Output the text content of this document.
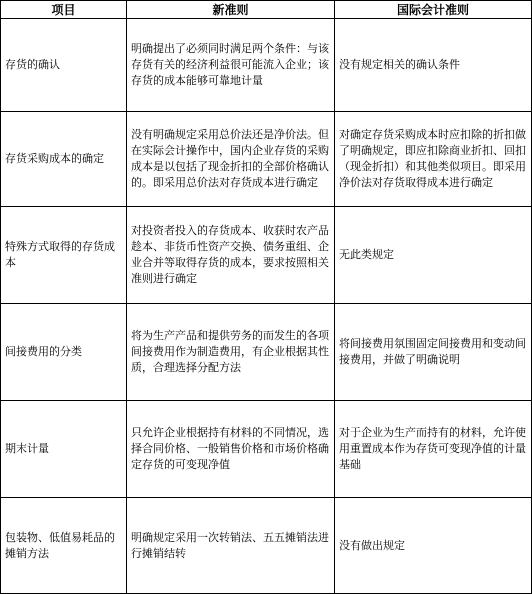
项目	新准则	国际会计准则
存货的确认	明确提出了必须同时满足两个条件：与该存货有关的经济利益很可能流入企业；该存货的成本能够可靠地计量	没有规定相关的确认条件
存货采购成本的确定	没有明确规定采用总价法还是净价法。但在实际会计操作中，国内企业存货的采购成本是以包括了现金折扣的全部价格确认的。即采用总价法对存货成本进行确定	对确定存货采购成本时应扣除的折扣做了明确规定，即应扣除商业折扣、回扣（现金折扣）和其他类似项目。即采用净价法对存货取得成本进行确定
特殊方式取得的存货成本	对投资者投入的存货成本、收获时农产品趁本、非货币性资产交换、债务重组、企业合并等取得存货的成本，要求按照相关准则进行确定	无此类规定
间接费用的分类	将为生产产品和提供劳务的而发生的各项间接费用作为制造费用，有企业根据其性质，合理选择分配方法	将间接费用氛围固定间接费用和变动间接费用，并做了明确说明
期末计量	只允许企业根据持有材料的不同情况，选择合同价格、一般销售价格和市场价格确定存货的可变现净值	对于企业为生产而持有的材料，允许使用重置成本作为存货可变现净值的计量基础
包装物、低值易耗品的摊销方法	明确规定采用一次转销法、五五摊销法进行摊销结转	没有做出规定
